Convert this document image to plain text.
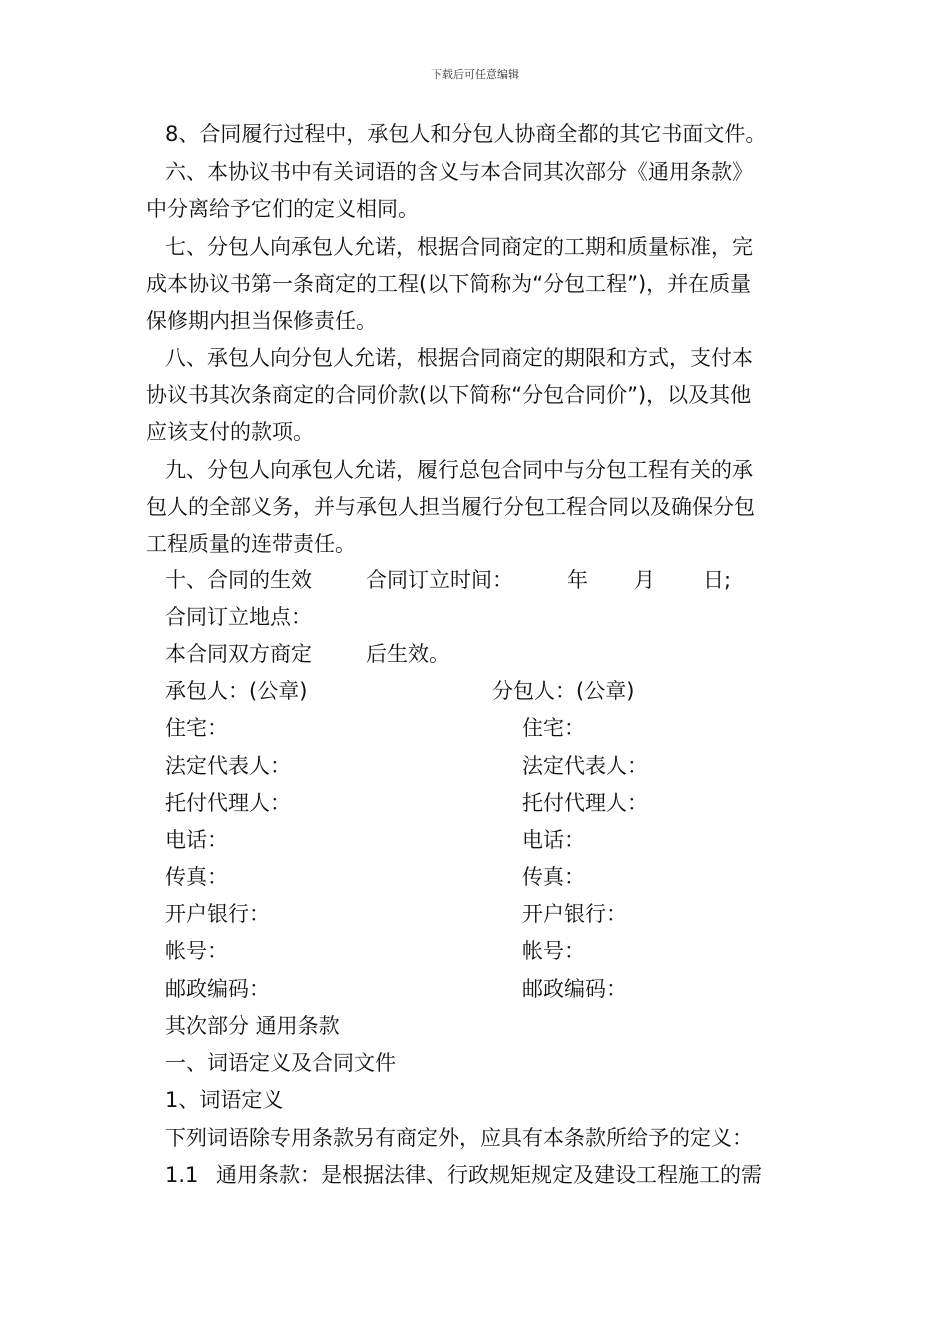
下载后可任意编辑
8、合同履行过程中，承包人和分包人协商全都的其它书面文件。
六、本协议书中有关词语的含义与本合同其次部分《通用条款》
中分离给予它们的定义相同。
七、分包人向承包人允诺，根据合同商定的工期和质量标准，完
成本协议书第一条商定的工程(以下简称为“分包工程”)，并在质量
保修期内担当保修责任。
八、承包人向分包人允诺，根据合同商定的期限和方式，支付本
协议书其次条商定的合同价款(以下简称“分包合同价”)，以及其他
应该支付的款项。
九、分包人向承包人允诺，履行总包合同中与分包工程有关的承
包人的全部义务，并与承包人担当履行分包工程合同以及确保分包
工程质量的连带责任。
十、合同的生效	合同订立时间：	年 月 日;
合同订立地点：
本合同双方商定	后生效。
承包人：(公章)	分包人：(公章)
住宅：	住宅：
法定代表人：	法定代表人：
托付代理人：	托付代理人：
电话：	电话：
传真：	传真：
开户银行：	开户银行：
帐号：	帐号：
邮政编码：	邮政编码：
其次部分 通用条款
一、词语定义及合同文件
1、词语定义
下列词语除专用条款另有商定外，应具有本条款所给予的定义：
1.1 通用条款：是根据法律、行政规矩规定及建设工程施工的需
